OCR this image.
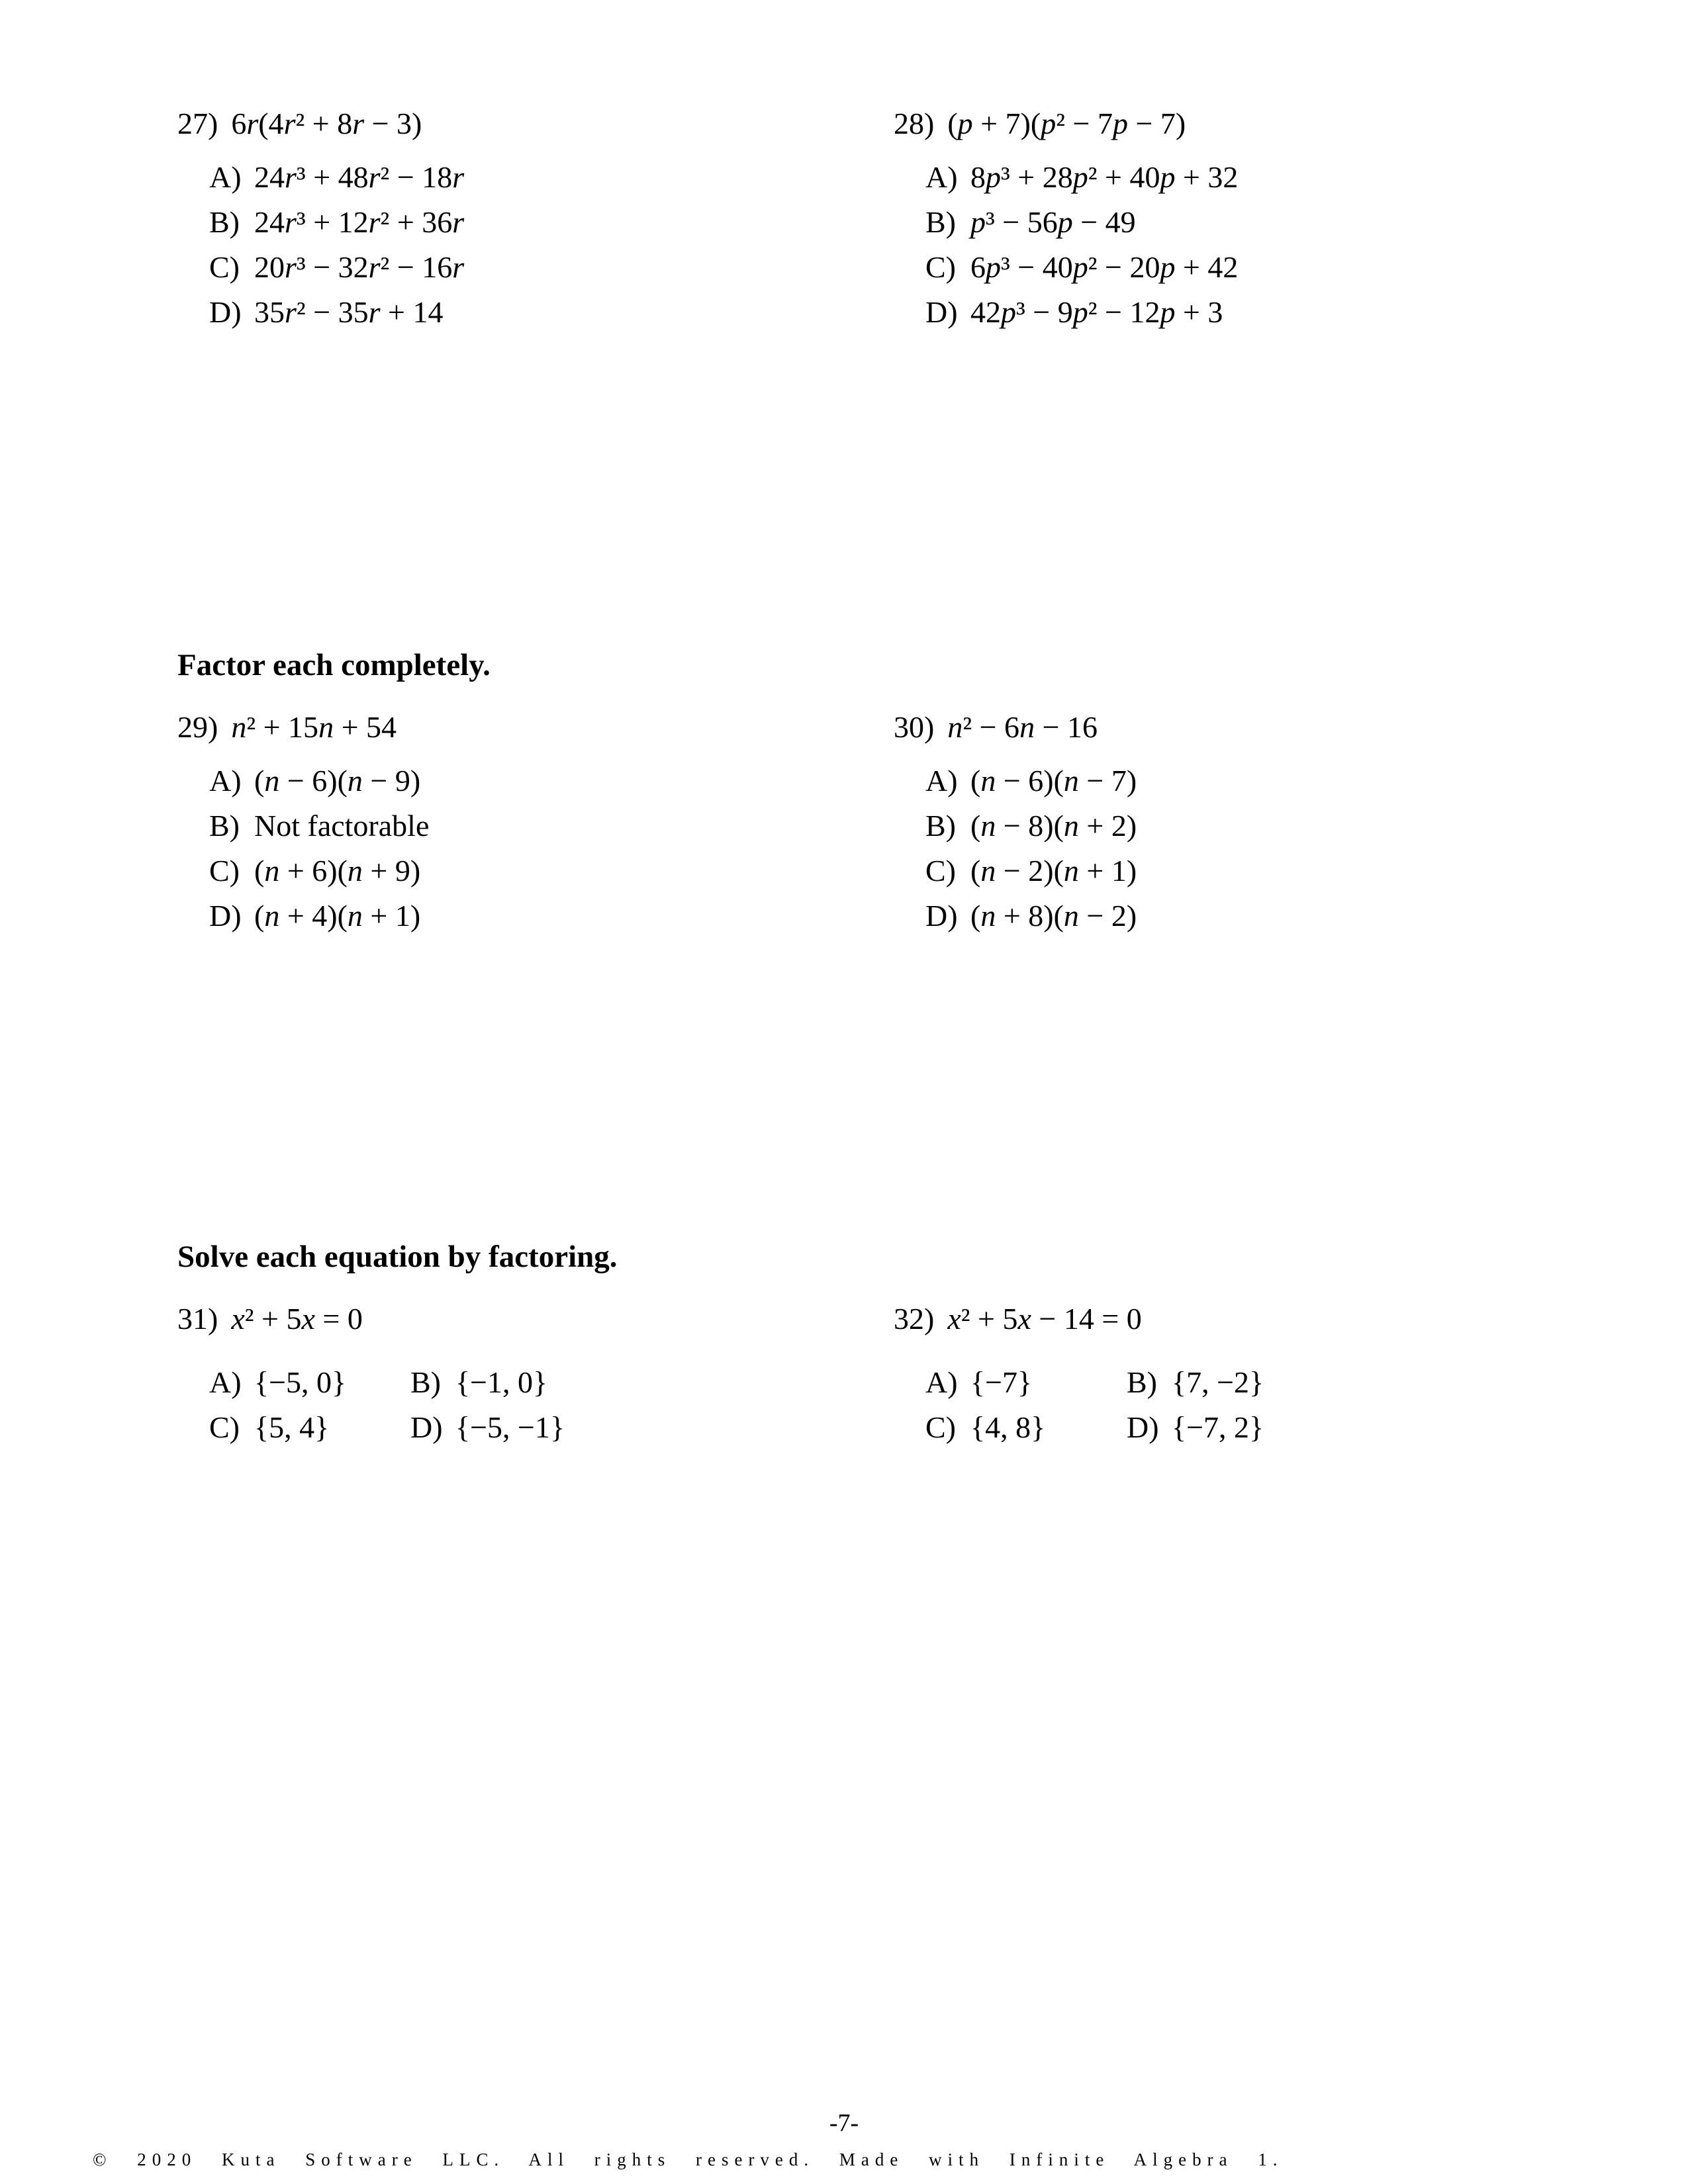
27) 6r(4r² + 8r − 3)
A) 24r³ + 48r² − 18r
B) 24r³ + 12r² + 36r
C) 20r³ − 32r² − 16r
D) 35r² − 35r + 14
28) (p + 7)(p² − 7p − 7)
A) 8p³ + 28p² + 40p + 32
B) p³ − 56p − 49
C) 6p³ − 40p² − 20p + 42
D) 42p³ − 9p² − 12p + 3
Factor each completely.
29) n² + 15n + 54
A) (n − 6)(n − 9)
B) Not factorable
C) (n + 6)(n + 9)
D) (n + 4)(n + 1)
30) n² − 6n − 16
A) (n − 6)(n − 7)
B) (n − 8)(n + 2)
C) (n − 2)(n + 1)
D) (n + 8)(n − 2)
Solve each equation by factoring.
31) x² + 5x = 0
A) {−5, 0} B) {−1, 0}
C) {5, 4}	D) {−5, −1}
32) x² + 5x − 14 = 0
A) {−7}	B) {7, −2}
C) {4, 8}	D) {−7, 2}
-7-
© 2020 Kuta Software LLC. All rights reserved. Made with Infinite Algebra 1.
